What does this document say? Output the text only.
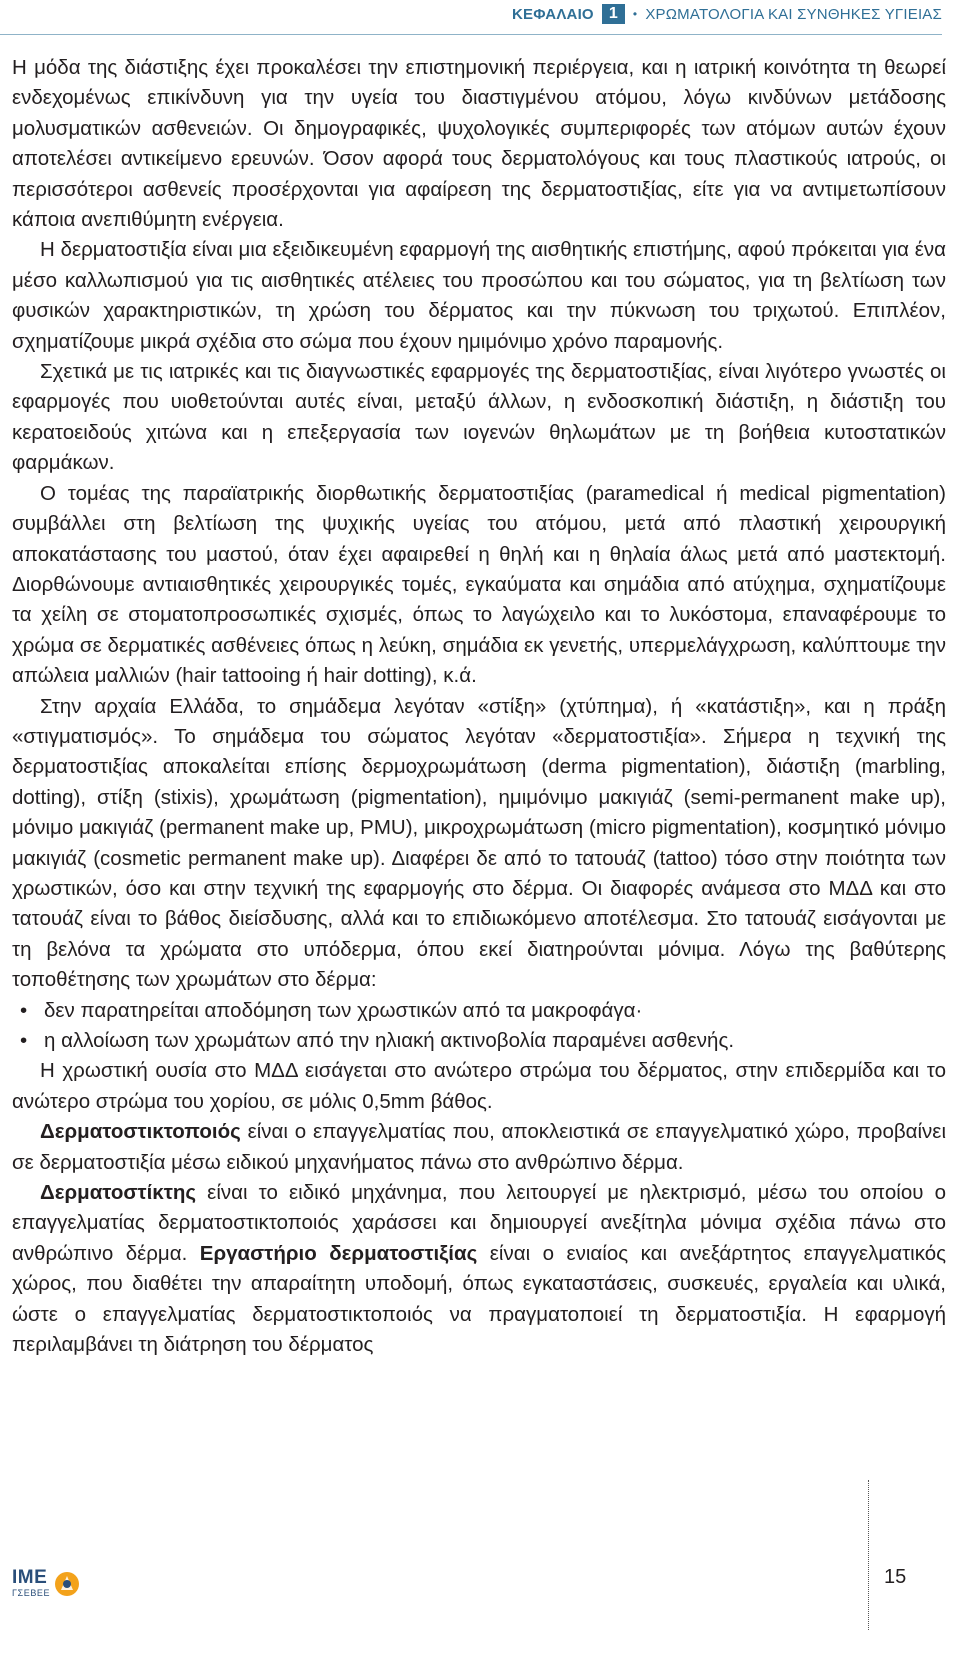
ΚΕΦΑΛΑΙΟ 1	• ΧΡΩΜΑΤΟΛΟΓΙΑ ΚΑΙ ΣΥΝΘΗΚΕΣ ΥΓΙΕΙΑΣ

Η μόδα της διάστιξης έχει προκαλέσει την επιστημονική περιέργεια, και η ιατρική κοινότητα τη θεωρεί ενδεχομένως επικίνδυνη για την υγεία του διαστιγμένου ατόμου, λόγω κινδύνων μετάδοσης μολυσματικών ασθενειών. Οι δημογραφικές, ψυχολογικές συμπεριφορές των ατόμων αυτών έχουν αποτελέσει αντικείμενο ερευνών. Όσον αφορά τους δερματολόγους και τους πλαστικούς ιατρούς, οι περισσότεροι ασθενείς προσέρχονται για αφαίρεση της δερματοστιξίας, είτε για να αντιμετωπίσουν κάποια ανεπιθύμητη ενέργεια.

Η δερματοστιξία είναι μια εξειδικευμένη εφαρμογή της αισθητικής επιστήμης, αφού πρόκειται για ένα μέσο καλλωπισμού για τις αισθητικές ατέλειες του προσώπου και του σώματος, για τη βελτίωση των φυσικών χαρακτηριστικών, τη χρώση του δέρματος και την πύκνωση του τριχωτού. Επιπλέον, σχηματίζουμε μικρά σχέδια στο σώμα που έχουν ημιμόνιμο χρόνο παραμονής.

Σχετικά με τις ιατρικές και τις διαγνωστικές εφαρμογές της δερματοστιξίας, είναι λιγότερο γνωστές οι εφαρμογές που υιοθετούνται αυτές είναι, μεταξύ άλλων, η ενδοσκοπική διάστιξη, η διάστιξη του κερατοειδούς χιτώνα και η επεξεργασία των ιογενών θηλωμάτων με τη βοήθεια κυτοστατικών φαρμάκων.

Ο τομέας της παραϊατρικής διορθωτικής δερματοστιξίας (paramedical ή medical pigmentation) συμβάλλει στη βελτίωση της ψυχικής υγείας του ατόμου, μετά από πλαστική χειρουργική αποκατάστασης του μαστού, όταν έχει αφαιρεθεί η θηλή και η θηλαία άλως μετά από μαστεκτομή. Διορθώνουμε αντιαισθητικές χειρουργικές τομές, εγκαύματα και σημάδια από ατύχημα, σχηματίζουμε τα χείλη σε στοματοπροσωπικές σχισμές, όπως το λαγώχειλο και το λυκόστομα, επαναφέρουμε το χρώμα σε δερματικές ασθένειες όπως η λεύκη, σημάδια εκ γενετής, υπερμελάγχρωση, καλύπτουμε την απώλεια μαλλιών (hair tattooing ή hair dotting), κ.ά.

Στην αρχαία Ελλάδα, το σημάδεμα λεγόταν «στίξη» (χτύπημα), ή «κατάστιξη», και η πράξη «στιγματισμός». Το σημάδεμα του σώματος λεγόταν «δερματοστιξία». Σήμερα η τεχνική της δερματοστιξίας αποκαλείται επίσης δερμοχρωμάτωση (derma pigmentation), διάστιξη (marbling, dotting), στίξη (stixis), χρωμάτωση (pigmentation), ημιμόνιμο μακιγιάζ (semi-permanent make up), μόνιμο μακιγιάζ (permanent make up, PMU), μικροχρωμάτωση (micro pigmentation), κοσμητικό μόνιμο μακιγιάζ (cosmetic permanent make up). Διαφέρει δε από το τατουάζ (tattoo) τόσο στην ποιότητα των χρωστικών, όσο και στην τεχνική της εφαρμογής στο δέρμα. Οι διαφορές ανάμεσα στο ΜΔΔ και στο τατουάζ είναι το βάθος διείσδυσης, αλλά και το επιδιωκόμενο αποτέλεσμα. Στο τατουάζ εισάγονται με τη βελόνα τα χρώματα στο υπόδερμα, όπου εκεί διατηρούνται μόνιμα. Λόγω της βαθύτερης τοποθέτησης των χρωμάτων στο δέρμα:

• δεν παρατηρείται αποδόμηση των χρωστικών από τα μακροφάγα·
• η αλλοίωση των χρωμάτων από την ηλιακή ακτινοβολία παραμένει ασθενής.

Η χρωστική ουσία στο ΜΔΔ εισάγεται στο ανώτερο στρώμα του δέρματος, στην επιδερμίδα και το ανώτερο στρώμα του χορίου, σε μόλις 0,5mm βάθος.

Δερματοστικτοποιός είναι ο επαγγελματίας που, αποκλειστικά σε επαγγελματικό χώρο, προβαίνει σε δερματοστιξία μέσω ειδικού μηχανήματος πάνω στο ανθρώπινο δέρμα.

Δερματοστίκτης είναι το ειδικό μηχάνημα, που λειτουργεί με ηλεκτρισμό, μέσω του οποίου ο επαγγελματίας δερματοστικτοποιός χαράσσει και δημιουργεί ανεξίτηλα μόνιμα σχέδια πάνω στο ανθρώπινο δέρμα. Εργαστήριο δερματοστιξίας είναι ο ενιαίος και ανεξάρτητος επαγγελματικός χώρος, που διαθέτει την απαραίτητη υποδομή, όπως εγκαταστάσεις, συσκευές, εργαλεία και υλικά, ώστε ο επαγγελματίας δερματοστικτοποιός να πραγματοποιεί τη δερματοστιξία. Η εφαρμογή περιλαμβάνει τη διάτρηση του δέρματος

ΙΜΕ
ΓΣΕΒΕΕ
15
